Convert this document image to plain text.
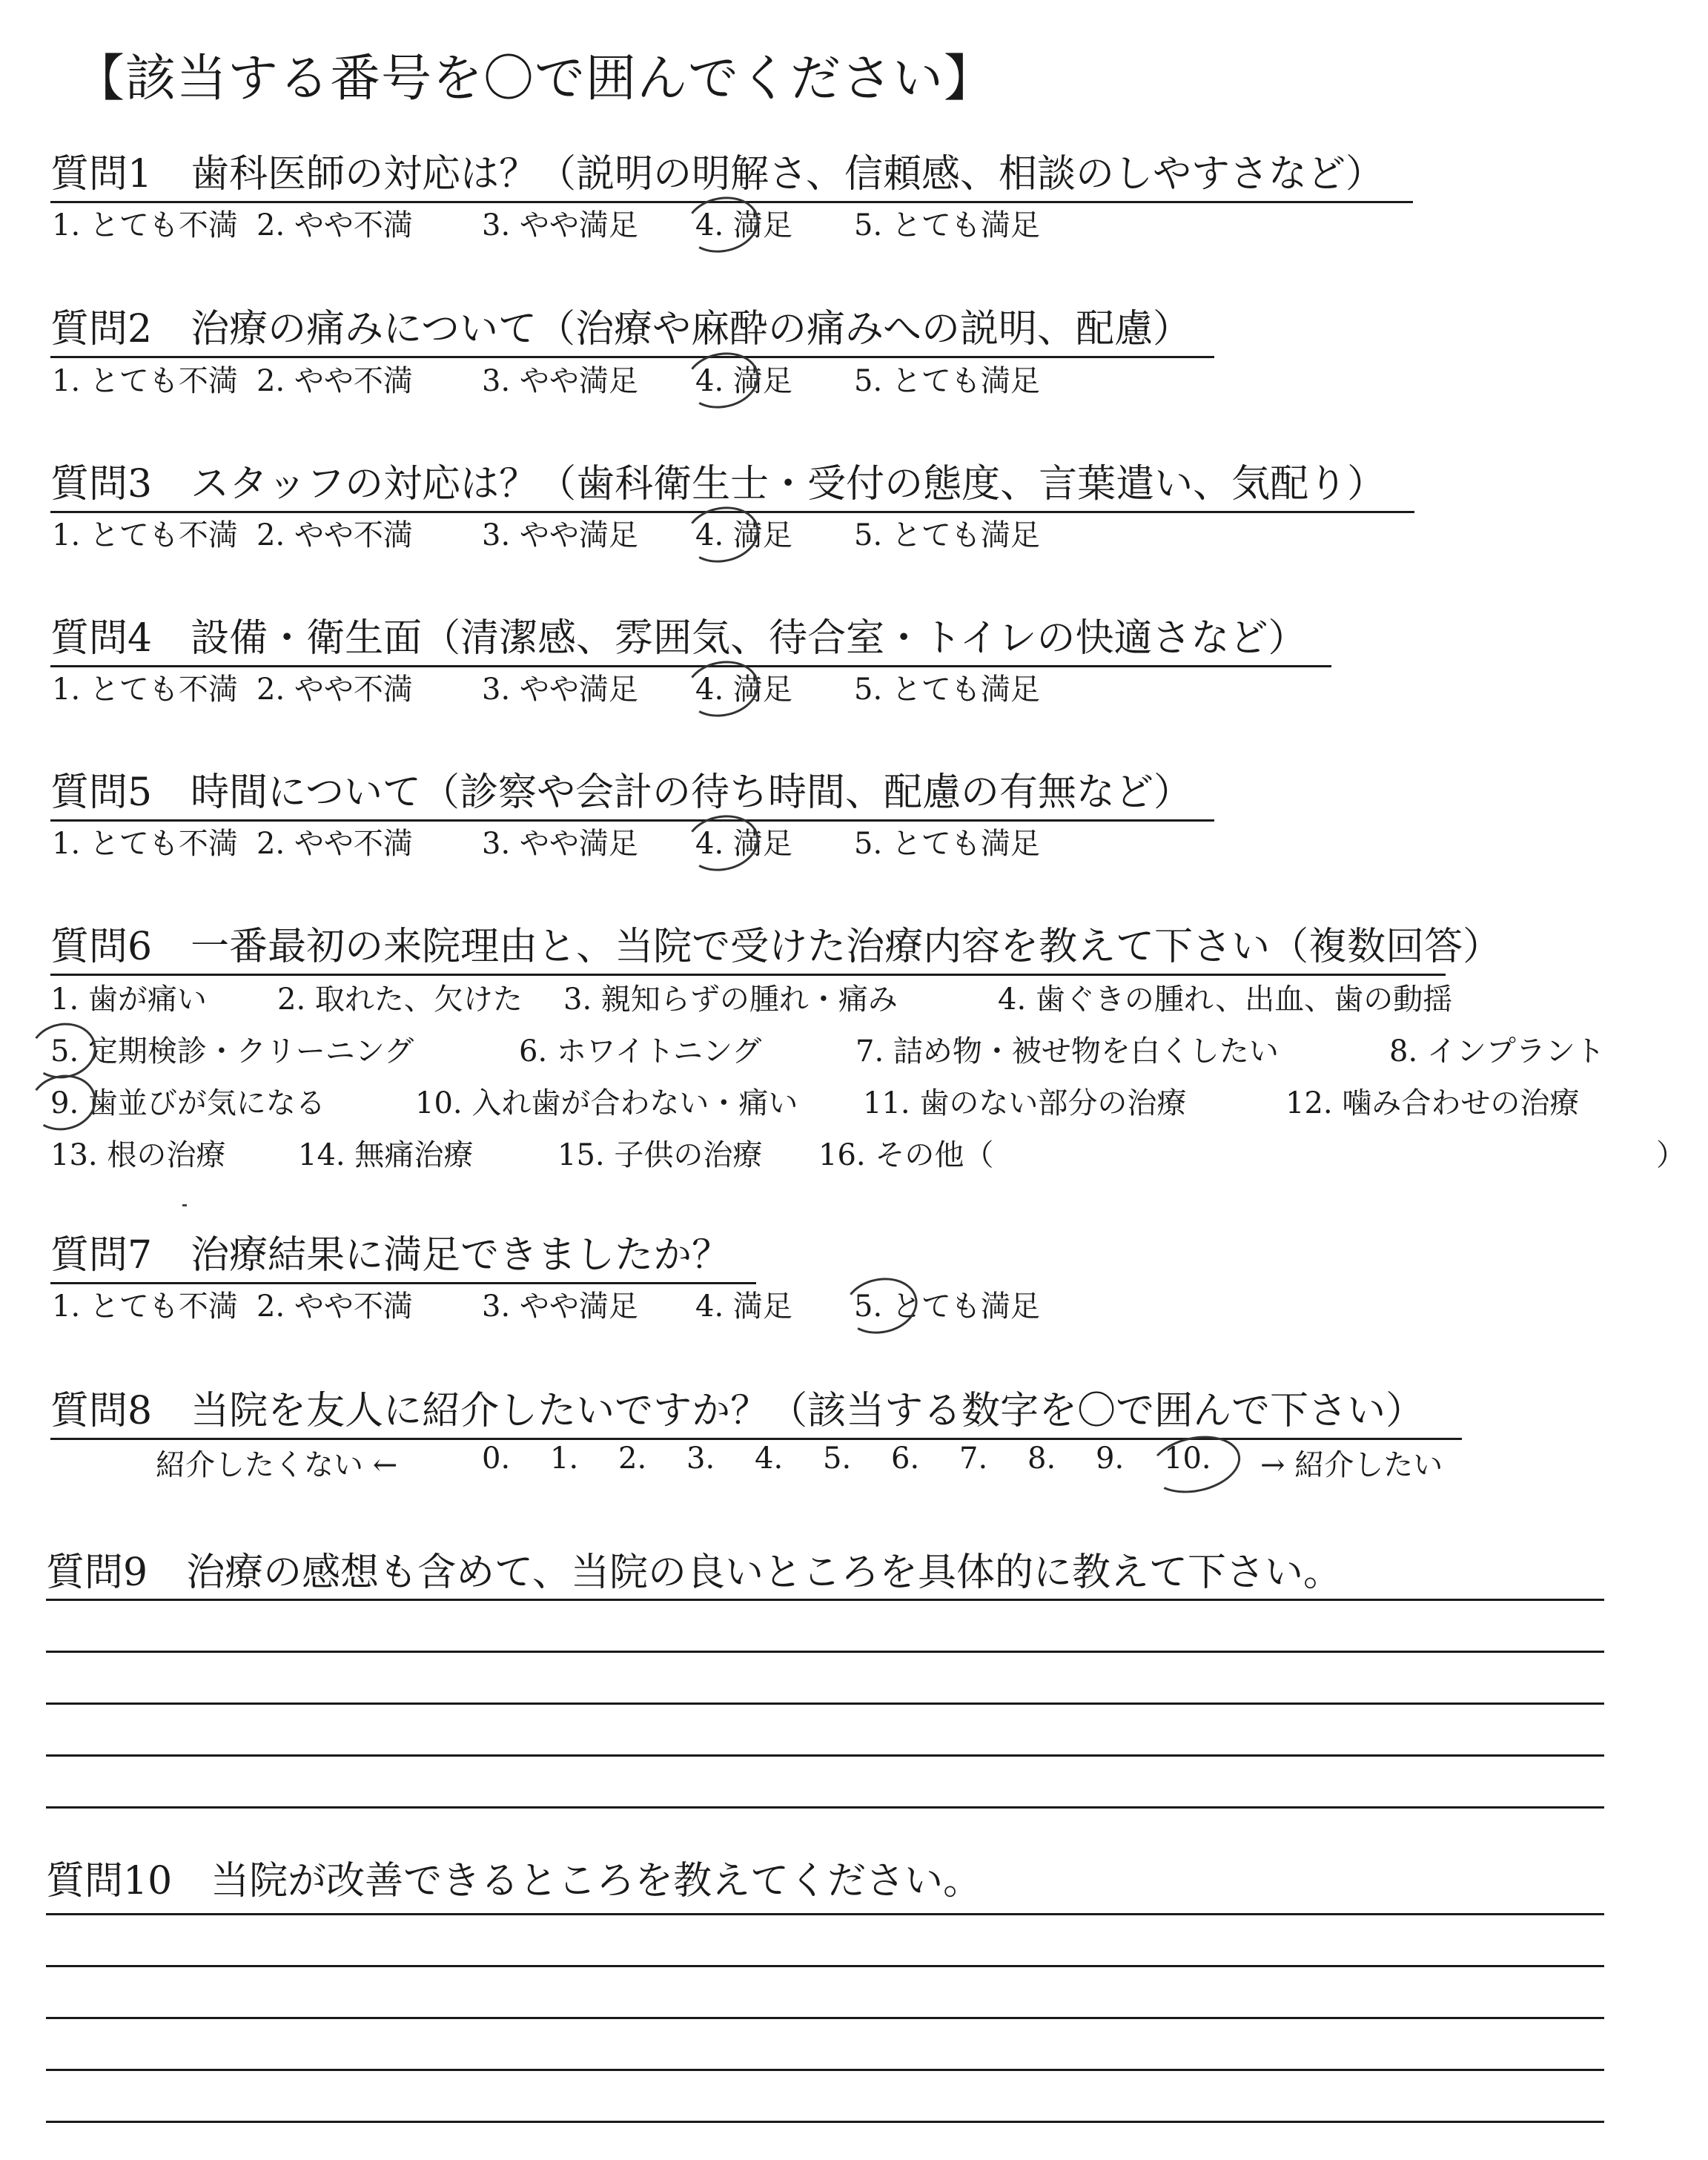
【該当する番号を〇で囲んでください】
質問1　歯科医師の対応は？（説明の明解さ、信頼感、相談のしやすさなど）
1. とても不満 2. やや不満	3. やや満足	4. 満足	5. とても満足
質問2　治療の痛みについて（治療や麻酔の痛みへの説明、配慮）
1. とても不満 2. やや不満	3. やや満足	4. 満足	5. とても満足
質問3　スタッフの対応は？（歯科衛生士・受付の態度、言葉遣い、気配り）
1. とても不満 2. やや不満	3. やや満足	4. 満足	5. とても満足
質問4　設備・衛生面（清潔感、雰囲気、待合室・トイレの快適さなど）
1. とても不満 2. やや不満	3. やや満足	4. 満足	5. とても満足
質問5　時間について（診察や会計の待ち時間、配慮の有無など）
1. とても不満 2. やや不満	3. やや満足	4. 満足	5. とても満足
質問6　一番最初の来院理由と、当院で受けた治療内容を教えて下さい（複数回答）
1. 歯が痛い	2. 取れた、欠けた	3. 親知らずの腫れ・痛み	4. 歯ぐきの腫れ、出血、歯の動揺
5. 定期検診・クリーニング	6. ホワイトニング	7. 詰め物・被せ物を白くしたい	8. インプラント
9. 歯並びが気になる	10. 入れ歯が合わない・痛い	11. 歯のない部分の治療	12. 噛み合わせの治療
13. 根の治療	14. 無痛治療	15. 子供の治療	16. その他（	）
質問7　治療結果に満足できましたか？
1. とても不満 2. やや不満	3. やや満足	4. 満足	5. とても満足
質問8　当院を友人に紹介したいですか？（該当する数字を〇で囲んで下さい）
紹介したくない ←	0.	1.	2.	3.	4.	5.	6.	7.	8.	9.	10.	→ 紹介したい
質問9　治療の感想も含めて、当院の良いところを具体的に教えて下さい。
質問10　当院が改善できるところを教えてください。
